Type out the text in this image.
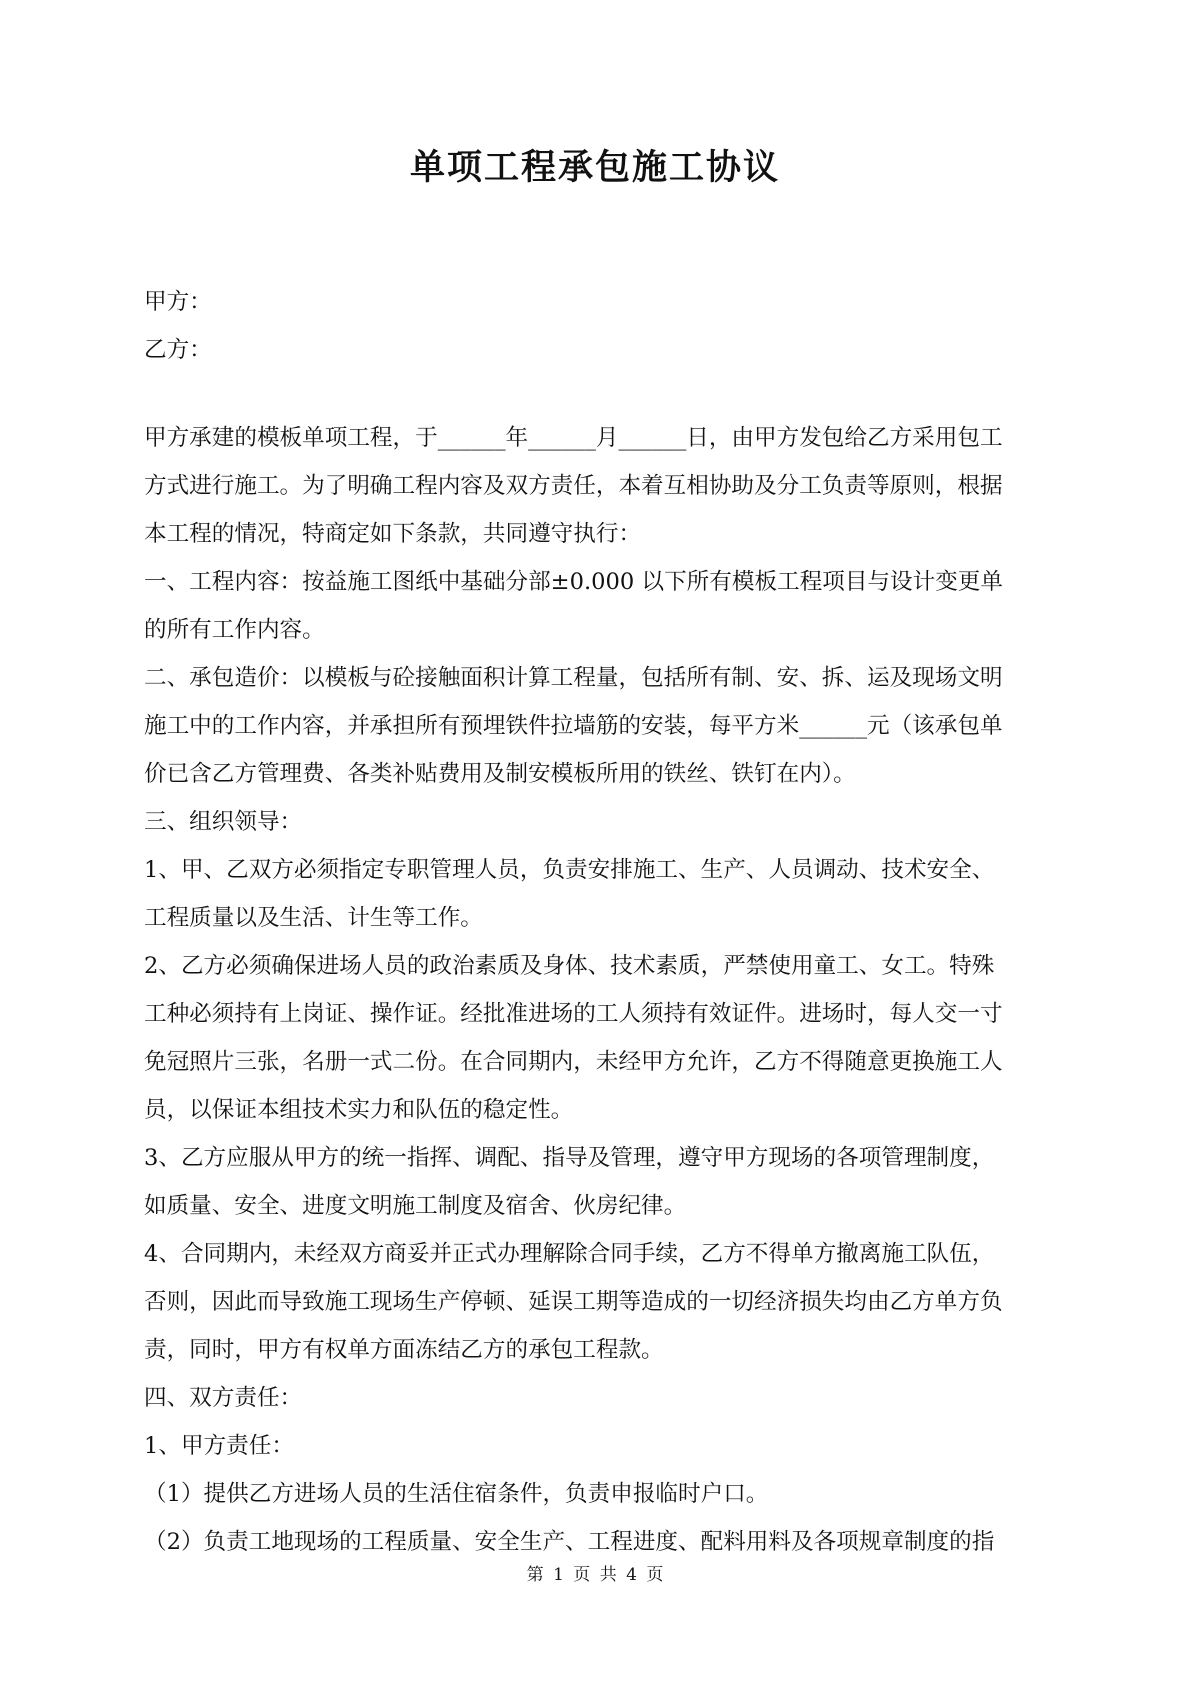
单项工程承包施工协议
甲方：
乙方：
甲方承建的模板单项工程，于______年______月______日，由甲方发包给乙方采用包工
方式进行施工。为了明确工程内容及双方责任，本着互相协助及分工负责等原则，根据
本工程的情况，特商定如下条款，共同遵守执行：
一、工程内容：按益施工图纸中基础分部±0.000 以下所有模板工程项目与设计变更单
的所有工作内容。
二、承包造价：以模板与砼接触面积计算工程量，包括所有制、安、拆、运及现场文明
施工中的工作内容，并承担所有预埋铁件拉墙筋的安装，每平方米______元（该承包单
价已含乙方管理费、各类补贴费用及制安模板所用的铁丝、铁钉在内）。
三、组织领导：
1、甲、乙双方必须指定专职管理人员，负责安排施工、生产、人员调动、技术安全、
工程质量以及生活、计生等工作。
2、乙方必须确保进场人员的政治素质及身体、技术素质，严禁使用童工、女工。特殊
工种必须持有上岗证、操作证。经批准进场的工人须持有效证件。进场时，每人交一寸
免冠照片三张，名册一式二份。在合同期内，未经甲方允许，乙方不得随意更换施工人
员，以保证本组技术实力和队伍的稳定性。
3、乙方应服从甲方的统一指挥、调配、指导及管理，遵守甲方现场的各项管理制度，
如质量、安全、进度文明施工制度及宿舍、伙房纪律。
4、合同期内，未经双方商妥并正式办理解除合同手续，乙方不得单方撤离施工队伍，
否则，因此而导致施工现场生产停顿、延误工期等造成的一切经济损失均由乙方单方负
责，同时，甲方有权单方面冻结乙方的承包工程款。
四、双方责任：
1、甲方责任：
（1）提供乙方进场人员的生活住宿条件，负责申报临时户口。
（2）负责工地现场的工程质量、安全生产、工程进度、配料用料及各项规章制度的指

第 1 页 共 4 页
